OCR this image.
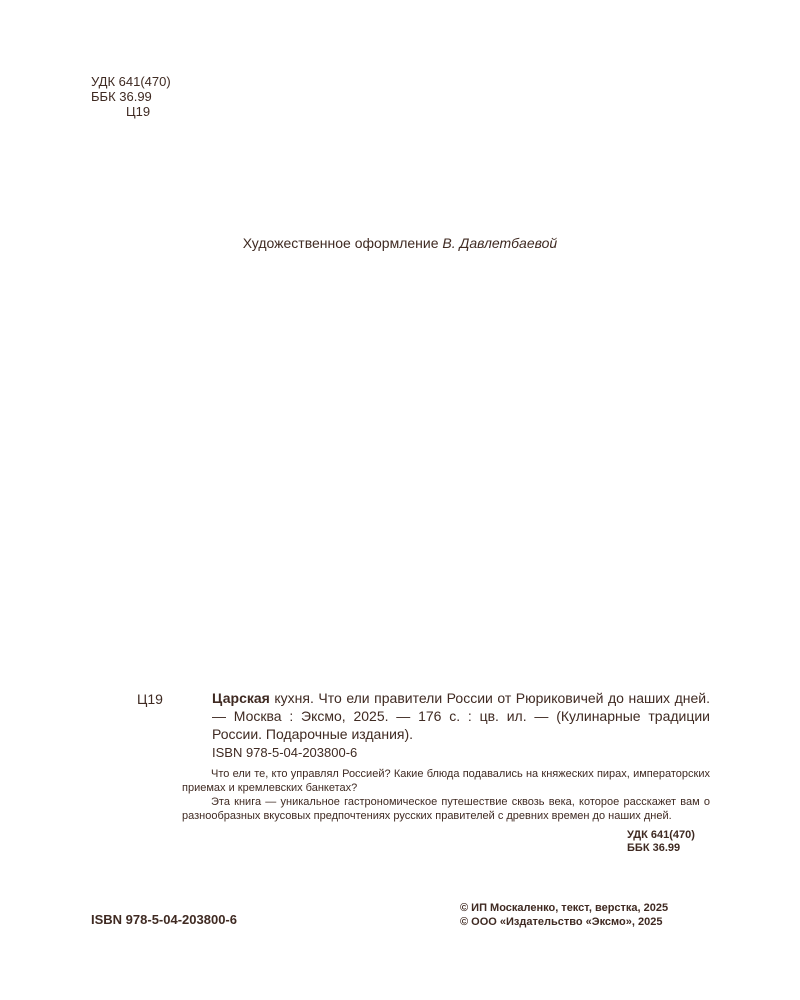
УДК 641(470)
ББК 36.99
Ц19
Художественное оформление В. Давлетбаевой
Ц19	Царская кухня. Что ели правители России от Рюриковичей до наших дней. — Москва : Эксмо, 2025. — 176 с. : цв. ил. — (Кулинарные традиции России. Подарочные издания).
ISBN 978-5-04-203800-6

Что ели те, кто управлял Россией? Какие блюда подавались на княжеских пирах, императорских приемах и кремлевских банкетах?

Эта книга — уникальное гастрономическое путешествие сквозь века, которое расскажет вам о разнообразных вкусовых предпочтениях русских правителей с древних времен до наших дней.

УДК 641(470)
ББК 36.99
ISBN 978-5-04-203800-6
© ИП Москаленко, текст, верстка, 2025
© ООО «Издательство «Эксмо», 2025
